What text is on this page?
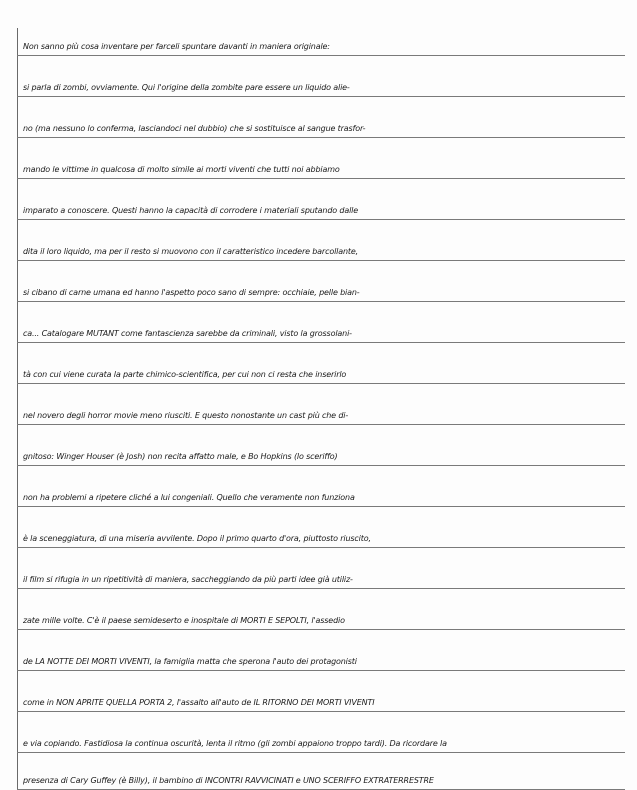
Non sanno più cosa inventare per farceli spuntare davanti in maniera originale:
si parla di zombi, ovviamente. Qui l'origine della zombite pare essere un liquido alie-
no (ma nessuno lo conferma, lasciandoci nel dubbio) che si sostituisce al sangue trasfor-
mando le vittime in qualcosa di molto simile ai morti viventi che tutti noi abbiamo
imparato a conoscere. Questi hanno la capacità di corrodere i materiali sputando dalle
dita il loro liquido, ma per il resto si muovono con il caratteristico incedere barcollante,
si cibano di carne umana ed hanno l'aspetto poco sano di sempre: occhiaie, pelle bian-
ca... Catalogare MUTANT come fantascienza sarebbe da criminali, visto la grossolani-
tà con cui viene curata la parte chimico-scientifica, per cui non ci resta che inserirlo
nel novero degli horror movie meno riusciti. E questo nonostante un cast più che di-
gnitoso: Winger Houser (è Josh) non recita affatto male, e Bo Hopkins (lo sceriffo)
non ha problemi a ripetere cliché a lui congeniali. Quello che veramente non funziona
è la sceneggiatura, di una miseria avvilente. Dopo il primo quarto d'ora, piuttosto riuscito,
il film si rifugia in un ripetitività di maniera, saccheggiando da più parti idee già utiliz-
zate mille volte. C'è il paese semideserto e inospitale di MORTI E SEPOLTI, l'assedio
de LA NOTTE DEI MORTI VIVENTI, la famiglia matta che sperona l'auto dei protagonisti
come in NON APRITE QUELLA PORTA 2, l'assalto all'auto de IL RITORNO DEI MORTI VIVENTI
e via copiando. Fastidiosa la continua oscurità, lenta il ritmo (gli zombi appaiono troppo tardi). Da ricordare la
presenza di Cary Guffey (è Billy), il bambino di INCONTRI RAVVICINATI e UNO SCERIFFO EXTRATERRESTRE
